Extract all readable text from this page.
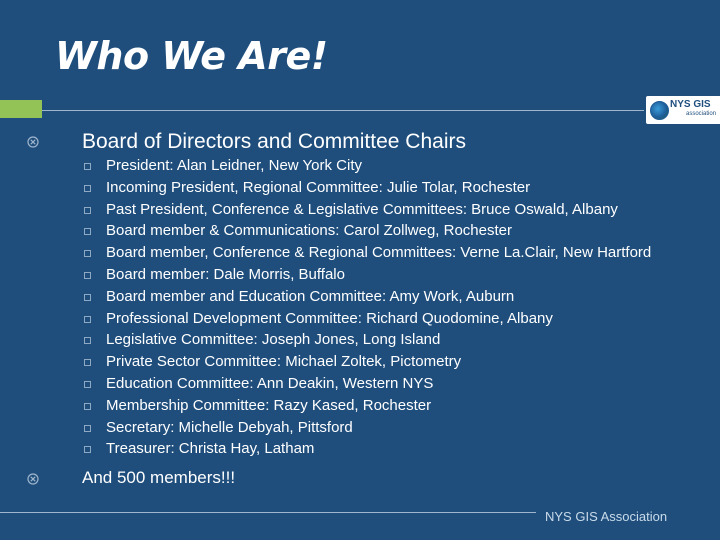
Who We Are!
NYS GIS
association
Board of Directors and Committee Chairs
President: Alan Leidner, New York City
Incoming President, Regional Committee: Julie Tolar, Rochester
Past President, Conference & Legislative Committees: Bruce Oswald, Albany
Board member & Communications: Carol Zollweg, Rochester
Board member, Conference & Regional Committees: Verne La.Clair, New Hartford
Board member: Dale Morris, Buffalo
Board member and Education Committee: Amy Work, Auburn
Professional Development Committee: Richard Quodomine, Albany
Legislative Committee: Joseph Jones, Long Island
Private Sector Committee: Michael Zoltek, Pictometry
Education Committee: Ann Deakin, Western NYS
Membership Committee: Razy Kased, Rochester
Secretary: Michelle Debyah, Pittsford
Treasurer: Christa Hay, Latham
And 500 members!!!
NYS GIS Association
